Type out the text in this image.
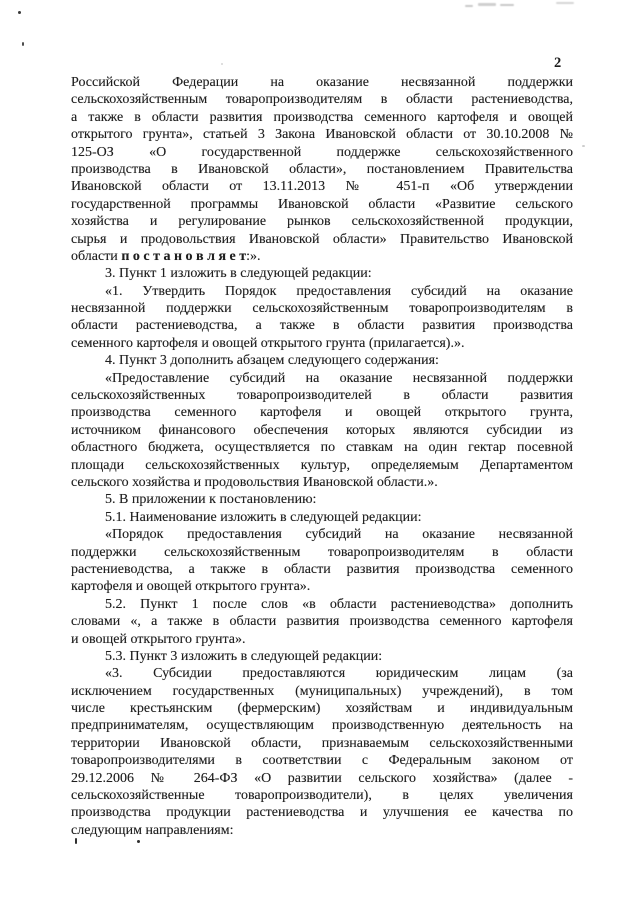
2
Российской Федерации на оказание несвязанной поддержки
сельскохозяйственным товаропроизводителям в области растениеводства,
а также в области развития производства семенного картофеля и овощей
открытого грунта», статьей 3 Закона Ивановской области от 30.10.2008 №
125-ОЗ «О государственной поддержке сельскохозяйственного
производства в Ивановской области», постановлением Правительства
Ивановской области от 13.11.2013 № 451-п «Об утверждении
государственной программы Ивановской области «Развитие сельского
хозяйства и регулирование рынков сельскохозяйственной продукции,
сырья и продовольствия Ивановской области» Правительство Ивановской
области п о с т а н о в л я е т:».
3. Пункт 1 изложить в следующей редакции:
«1. Утвердить Порядок предоставления субсидий на оказание
несвязанной поддержки сельскохозяйственным товаропроизводителям в
области растениеводства, а также в области развития производства
семенного картофеля и овощей открытого грунта (прилагается).».
4. Пункт 3 дополнить абзацем следующего содержания:
«Предоставление субсидий на оказание несвязанной поддержки
сельскохозяйственных товаропроизводителей в области развития
производства семенного картофеля и овощей открытого грунта,
источником финансового обеспечения которых являются субсидии из
областного бюджета, осуществляется по ставкам на один гектар посевной
площади сельскохозяйственных культур, определяемым Департаментом
сельского хозяйства и продовольствия Ивановской области.».
5. В приложении к постановлению:
5.1. Наименование изложить в следующей редакции:
«Порядок предоставления субсидий на оказание несвязанной
поддержки сельскохозяйственным товаропроизводителям в области
растениеводства, а также в области развития производства семенного
картофеля и овощей открытого грунта».
5.2. Пункт 1 после слов «в области растениеводства» дополнить
словами «, а также в области развития производства семенного картофеля
и овощей открытого грунта».
5.3. Пункт 3 изложить в следующей редакции:
«3. Субсидии предоставляются юридическим лицам (за
исключением государственных (муниципальных) учреждений), в том
числе крестьянским (фермерским) хозяйствам и индивидуальным
предпринимателям, осуществляющим производственную деятельность на
территории Ивановской области, признаваемым сельскохозяйственными
товаропроизводителями в соответствии с Федеральным законом от
29.12.2006 № 264-ФЗ «О развитии сельского хозяйства» (далее -
сельскохозяйственные товаропроизводители), в целях увеличения
производства продукции растениеводства и улучшения ее качества по
следующим направлениям:
